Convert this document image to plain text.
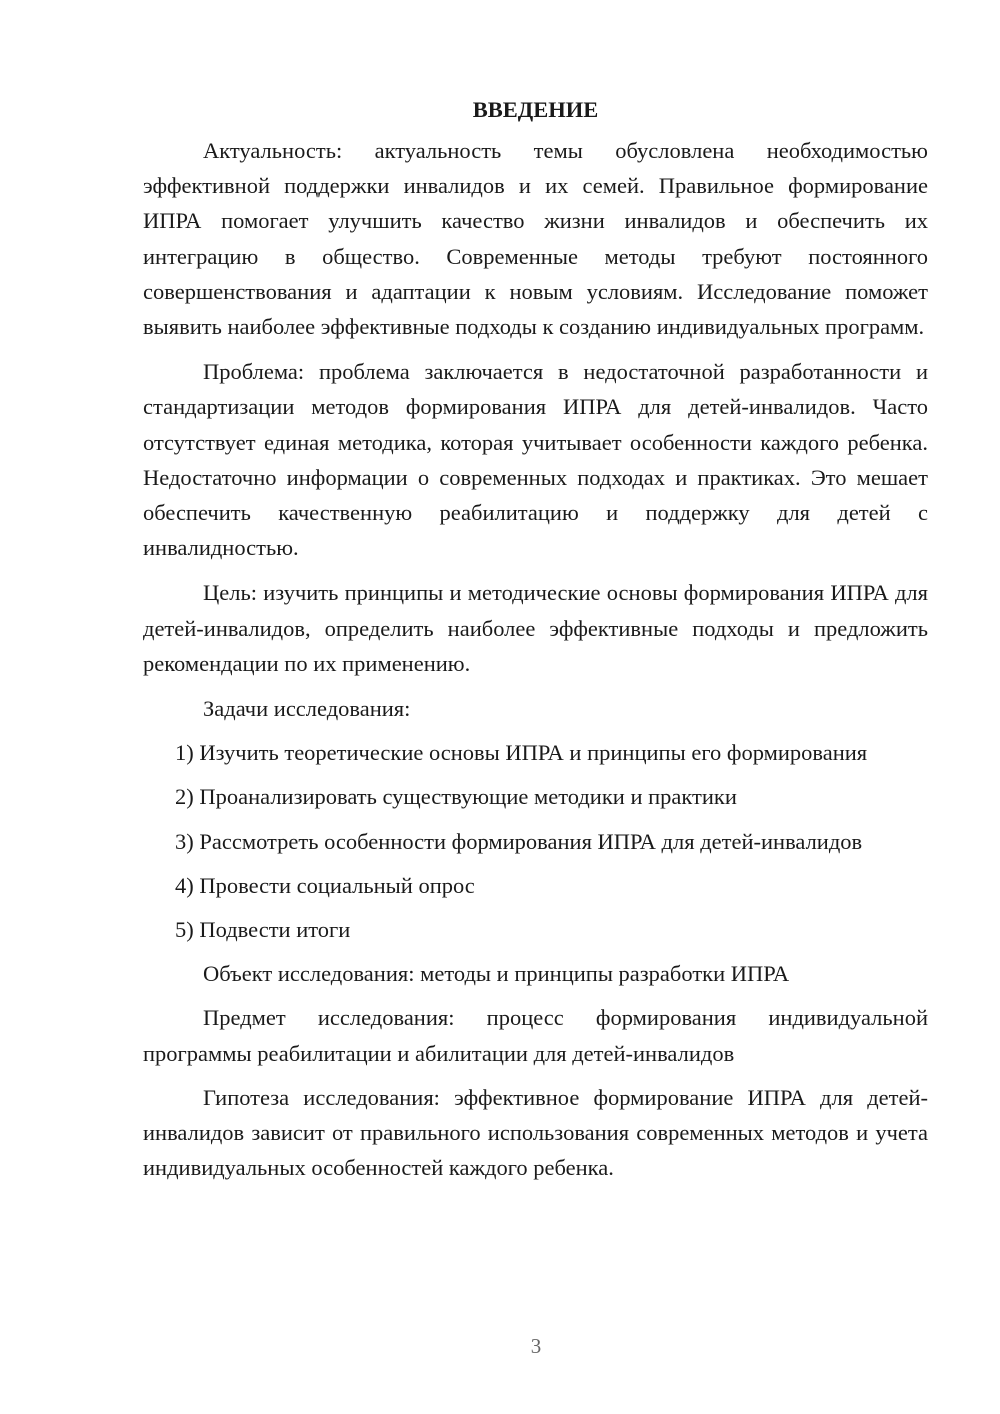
ВВЕДЕНИЕ

Актуальность: актуальность темы обусловлена необходимостью эффективной поддержки инвалидов и их семей. Правильное формирование ИПРА помогает улучшить качество жизни инвалидов и обеспечить их интеграцию в общество. Современные методы требуют постоянного совершенствования и адаптации к новым условиям. Исследование поможет выявить наиболее эффективные подходы к созданию индивидуальных программ.

Проблема: проблема заключается в недостаточной разработанности и стандартизации методов формирования ИПРА для детей-инвалидов. Часто отсутствует единая методика, которая учитывает особенности каждого ребенка. Недостаточно информации о современных подходах и практиках. Это мешает обеспечить качественную реабилитацию и поддержку для детей с инвалидностью.

Цель: изучить принципы и методические основы формирования ИПРА для детей-инвалидов, определить наиболее эффективные подходы и предложить рекомендации по их применению.

Задачи исследования:

1) Изучить теоретические основы ИПРА и принципы его формирования

2) Проанализировать существующие методики и практики

3) Рассмотреть особенности формирования ИПРА для детей-инвалидов

4) Провести социальный опрос

5) Подвести итоги

Объект исследования: методы и принципы разработки ИПРА

Предмет исследования: процесс формирования индивидуальной программы реабилитации и абилитации для детей-инвалидов

Гипотеза исследования: эффективное формирование ИПРА для детей-инвалидов зависит от правильного использования современных методов и учета индивидуальных особенностей каждого ребенка.

3
